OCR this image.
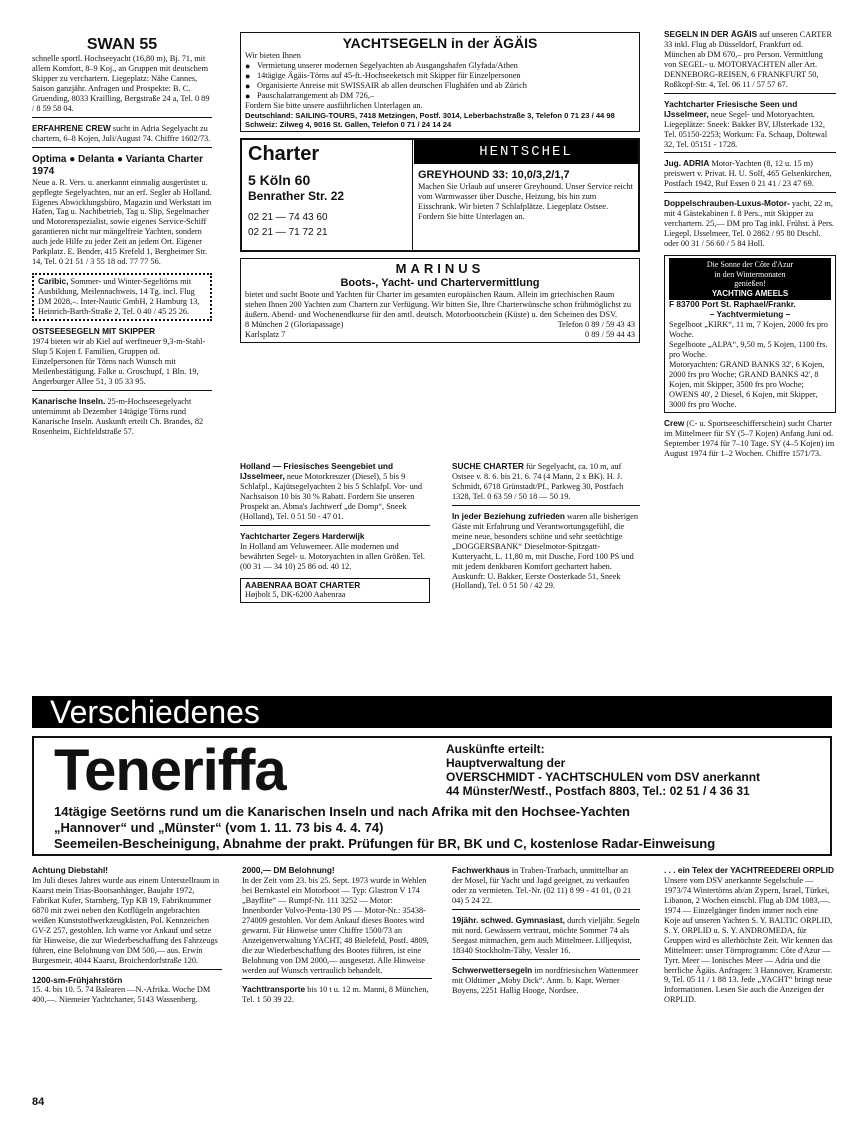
SWAN 55

schnelle sportl. Hochseeyacht (16,80 m), Bj. 71, mit allem Komfort, 8–9 Koj., an Gruppen mit deutschem Skipper zu verchartern. Liegeplatz: Nähe Cannes, Saison ganzjähr. Anfragen und Prospekte: B. C. Gruending, 8033 Krailling, Bergstraße 24 a, Tel. 0 89 / 8 59 58 04.

ERFAHRENE CREW sucht in Adria Segelyacht zu chartern, 6–8 Kojen, Juli/August 74. Chiffre 1602/73.

Optima ● Delanta ● Varianta Charter 1974

Neue a. R. Vers. u. anerkannt einmalig ausgerüstet u. gepflegte Segelyachten, nur an erf. Segler ab Holland. Eigenes Abwicklungsbüro, Magazin und Werkstatt im Hafen, Tag u. Nachtbetrieb, Tag u. Slip, Segelmacher und Motorenspezialist, sowie eigenes Service-Schiff garantieren nicht nur mängelfreie Yachten, sondern auch jede Hilfe zu jeder Zeit an jedem Ort. Eigener Parkplatz. E. Bender, 415 Krefeld 1, Bergheimer Str. 14, Tel. 0 21 51 / 3 55 18 od. 77 77 56.

Caribic, Sommer- und Winter-Segeltörns mit Ausbildung, Meilennachweis, 14 Tg. incl. Flug DM 2028,–. Inter-Nautic GmbH, 2 Hamburg 13, Heinrich-Barth-Straße 2, Tel. 0 40 / 45 25 26.

OSTSEESEGELN MIT SKIPPER

1974 bieten wir ab Kiel auf werftneuer 9,3-m-Stahl-Slup 5 Kojen f. Familien, Gruppen od. Einzelpersonen für Törns nach Wunsch mit Meilenbestätigung. Falke u. Groschupf, 1 Bln. 19, Angerburger Allee 51, 3 05 33 95.

Kanarische Inseln. 25-m-Hochseesegelyacht unternimmt ab Dezember 14tägige Törns rund Kanarische Inseln. Auskunft erteilt Ch. Brandes, 82 Rosenheim, Eichfeldstraße 57.

YACHTSEGELN in der ÄGÄIS

Wir bieten Ihnen

● Vermietung unserer modernen Segelyachten ab Ausgangshafen Glyfada/Athen
● 14tägige Ägäis-Törns auf 45-ft.-Hochseeketsch mit Skipper für Einzelpersonen
● Organisierte Anreise mit SWISSAIR ab allen deutschen Flughäfen und ab Zürich
● Pauschalarrangement ab DM 726,–

Fordern Sie bitte unsere ausführlichen Unterlagen an.

Deutschland: SAILING-TOURS, 7418 Metzingen, Postf. 3014, Leberbachstraße 3, Telefon 0 71 23 / 44 98

Schweiz: Zilweg 4, 9016 St. Gallen, Telefon 0 71 / 24 14 24

Charter
5 Köln 60
Benrather Str. 22
02 21 — 74 43 60
02 21 — 71 72 21
HENTSCHEL
GREYHOUND 33: 10,0/3,2/1,7

Machen Sie Urlaub auf unserer Greyhound. Unser Service reicht vom Warmwasser über Dusche, Heizung, bis hin zum Eisschrank. Wir bieten 7 Schlafplätze. Liegeplatz Ostsee. Fordern Sie bitte Unterlagen an.

MARINUS
Boots-, Yacht- und Chartervermittlung

bietet und sucht Boote und Yachten für Charter im gesamten europäischen Raum. Allein im griechischen Raum stehen Ihnen 200 Yachten zum Chartern zur Verfügung. Wir bitten Sie, Ihre Charterwünsche schon frühmöglichst zu äußern. Abend- und Wochenendkurse für den amtl. deutsch. Motorbootschein (Küste) u. den Scheinen des DSV.

8 München 2 (Gloriapassage)	Telefon 0 89 / 59 43 43
Karlsplatz 7	0 89 / 59 44 43

Holland — Friesisches Seengebiet und IJsselmeer, neue Motorkreuzer (Diesel), 5 bis 9 Schlafpl., Kajütsegelyachten 2 bis 5 Schlafpl. Vor- und Nachsaison 10 bis 30 % Rabatt. Fordern Sie unseren Prospekt an. Abma's Jachtwerf „de Domp“, Sneek (Holland), Tel. 0 51 50 - 47 01.

Yachtcharter Zegers Harderwijk

In Holland am Veluwemeer. Alle modernen und bewährten Segel- u. Motoryachten in allen Größen. Tel. (00 31 — 34 10) 25 86 od. 40 12.

AABENRAA BOAT CHARTER

Højbolt 5, DK-6200 Aabenraa

SUCHE CHARTER für Segelyacht, ca. 10 m, auf Ostsee v. 8. 6. bis 21. 6. 74 (4 Mann, 2 x BK). H. J. Schmidt, 6718 Grünstadt/Pf., Parkweg 30, Postfach 1328, Tel. 0 63 59 / 50 18 — 50 19.

In jeder Beziehung zufrieden waren alle bisherigen Gäste mit Erfahrung und Verantwortungsgefühl, die meine neue, besonders schöne und sehr seetüchtige „DOGGERSBANK“ Dieselmotor-Spitzgatt-Kutteryacht, L. 11,80 m, mit Dusche, Ford 100 PS und mit jedem denkbaren Komfort gechartert haben. Auskunft: U. Bakker, Eerste Oosterkade 51, Sneek (Holland), Tel. 0 51 50 / 42 29.

SEGELN IN DER ÄGÄIS auf unseren CARTER 33 inkl. Flug ab Düsseldorf, Frankfurt od. München ab DM 670,– pro Person. Vermittlung von SEGEL- u. MOTORYACHTEN aller Art. DENNEBORG-REISEN, 6 FRANKFURT 50, Roßkopf-Str. 4, Tel. 06 11 / 57 57 67.

Yachtcharter Friesische Seen und IJsselmeer, neue Segel- und Motoryachten. Liegeplätze: Sneek: Bakker BV, IJlsterkade 132, Tel. 05150-2253; Workum: Fa. Schaap, Doltewal 32, Tel. 05151 - 1728.

Jug. ADRIA Motor-Yachten (8, 12 u. 15 m) preiswert v. Privat. H. U. Solf, 465 Gelsenkirchen, Postfach 1942, Ruf Essen 0 21 41 / 23 47 69.

Doppelschrauben-Luxus-Motor- yacht, 22 m, mit 4 Gästekabinen f. 8 Pers., mit Skipper zu verchartern. 25,— DM pro Tag inkl. Frühst. à Pers. Liegepl. IJsselmeer, Tel. 0 2862 / 95 80 Dtschl. oder 00 31 / 56 60 / 5 84 Holl.

Die Sonne der Côte d'Azur
in den Wintermonaten
genießen!
YACHTING AMEELS

F 83700 Port St. Raphael/Frankr.

– Yachtvermietung –

Segelboot „KIRK“, 11 m, 7 Kojen, 2000 frs pro Woche.

Segelboote „ALPA“, 9,50 m, 5 Kojen, 1100 frs. pro Woche.

Motoryachten: GRAND BANKS 32', 6 Kojen, 2000 frs pro Woche; GRAND BANKS 42', 8 Kojen, mit Skipper, 3500 frs pro Woche; OWENS 40', 2 Diesel, 6 Kojen, mit Skipper, 3000 frs pro Woche.

Crew (C- u. Sportseeschifferschein) sucht Charter im Mittelmeer für SY (5–7 Kojen) Anfang Juni od. September 1974 für 7–10 Tage. SY (4–5 Kojen) im August 1974 für 1–2 Wochen. Chiffre 1571/73.

Verschiedenes
Teneriffa	Auskünfte erteilt:
Hauptverwaltung der
OVERSCHMIDT - YACHTSCHULEN vom DSV anerkannt
44 Münster/Westf., Postfach 8803, Tel.: 02 51 / 4 36 31
14tägige Seetörns rund um die Kanarischen Inseln und nach Afrika mit den Hochsee-Yachten
„Hannover“ und „Münster“ (vom 1. 11. 73 bis 4. 4. 74)
Seemeilen-Bescheinigung, Abnahme der prakt. Prüfungen für BR, BK und C, kostenlose Radar-Einweisung
Achtung Diebstahl!

Im Juli dieses Jahres wurde aus einem Unterstellraum in Kaarst mein Trias-Bootsanhänger, Baujahr 1972, Fabrikat Kufer, Starnberg, Typ KB 19, Fabriknummer 6870 mit zwei neben den Kotflügeln angebrachten weißen Kunststoffwerkzeugkästen, Pol. Kennzeichen GV-Z 257, gestohlen. Ich warne vor Ankauf und setze für Hinweise, die zur Wiederbeschaffung des Fahrzeugs führen, eine Belohnung von DM 500,— aus. Erwin Burgesmeir, 4044 Kaarst, Broicherdorfstraße 120.

1200-sm-Frühjahrstörn

15. 4. bis 10. 5. 74 Balearen —N.-Afrika. Woche DM 400,—. Niemeier Yachtcharter, 5143 Wassenberg.

2000,— DM Belohnung!

In der Zeit vom 23. bis 25. Sept. 1973 wurde in Wehlen bei Bernkastel ein Motorboot — Typ: Glastron V 174 „Bayflite“ — Rumpf-Nr. 111 3252 — Motor: Innenborder Volvo-Penta-130 PS — Motor-Nr.: 35438-274009 gestohlen. Vor dem Ankauf dieses Bootes wird gewarnt. Für Hinweise unter Chiffre 1500/73 an Anzeigenverwaltung YACHT, 48 Bielefeld, Postf. 4809, die zur Wiederbeschaffung des Bootes führen, ist eine Belohnung von DM 2000,— ausgesetzt. Alle Hinweise werden auf Wunsch vertraulich behandelt.

Yachttransporte bis 10 t u. 12 m. Manni, 8 München, Tel. 1 50 39 22.

Fachwerkhaus in Traben-Trarbach, unmittelbar an der Mosel, für Yacht und Jagd geeignet, zu verkaufen oder zu vermieten. Tel.-Nr. (02 11) 8 99 - 41 01, (0 21 04) 5 24 22.

19jähr. schwed. Gymnasiast, durch vieljähr. Segeln mit nord. Gewässern vertraut, möchte Sommer 74 als Seegast mitmachen, gern auch Mittelmeer. Lilljeqvist, 18340 Stockholm-Täby, Vessler 16.

Schwerwettersegeln im nordfriesischen Wattenmeer mit Oldtimer „Moby Dick“. Anm. b. Kapt. Werner Boyens, 2251 Hallig Hooge, Nordsee.

. . . ein Telex der YACHTREEDEREI ORPLID

Unsere vom DSV anerkannte Segelschule — 1973/74 Wintertörns ab/an Zypern, Israel, Türkei, Libanon, 2 Wochen einschl. Flug ab DM 1083,—. 1974 — Einzelgänger finden immer noch eine Koje auf unseren Yachten S. Y. BALTIC ORPLID, S. Y. ORPLID u. S. Y. ANDROMEDA, für Gruppen wird es allerhöchste Zeit. Wir kennen das Mittelmeer: unser Törnprogramm: Côte d'Azur — Tyrr. Meer — Ionisches Meer — Adria und die herrliche Ägäis. Anfragen: 3 Hannover, Kramerstr. 9, Tel. 05 11 / 1 88 13. Jede „YACHT“ bringt neue Informationen. Lesen Sie auch die Anzeigen der ORPLID.

84
